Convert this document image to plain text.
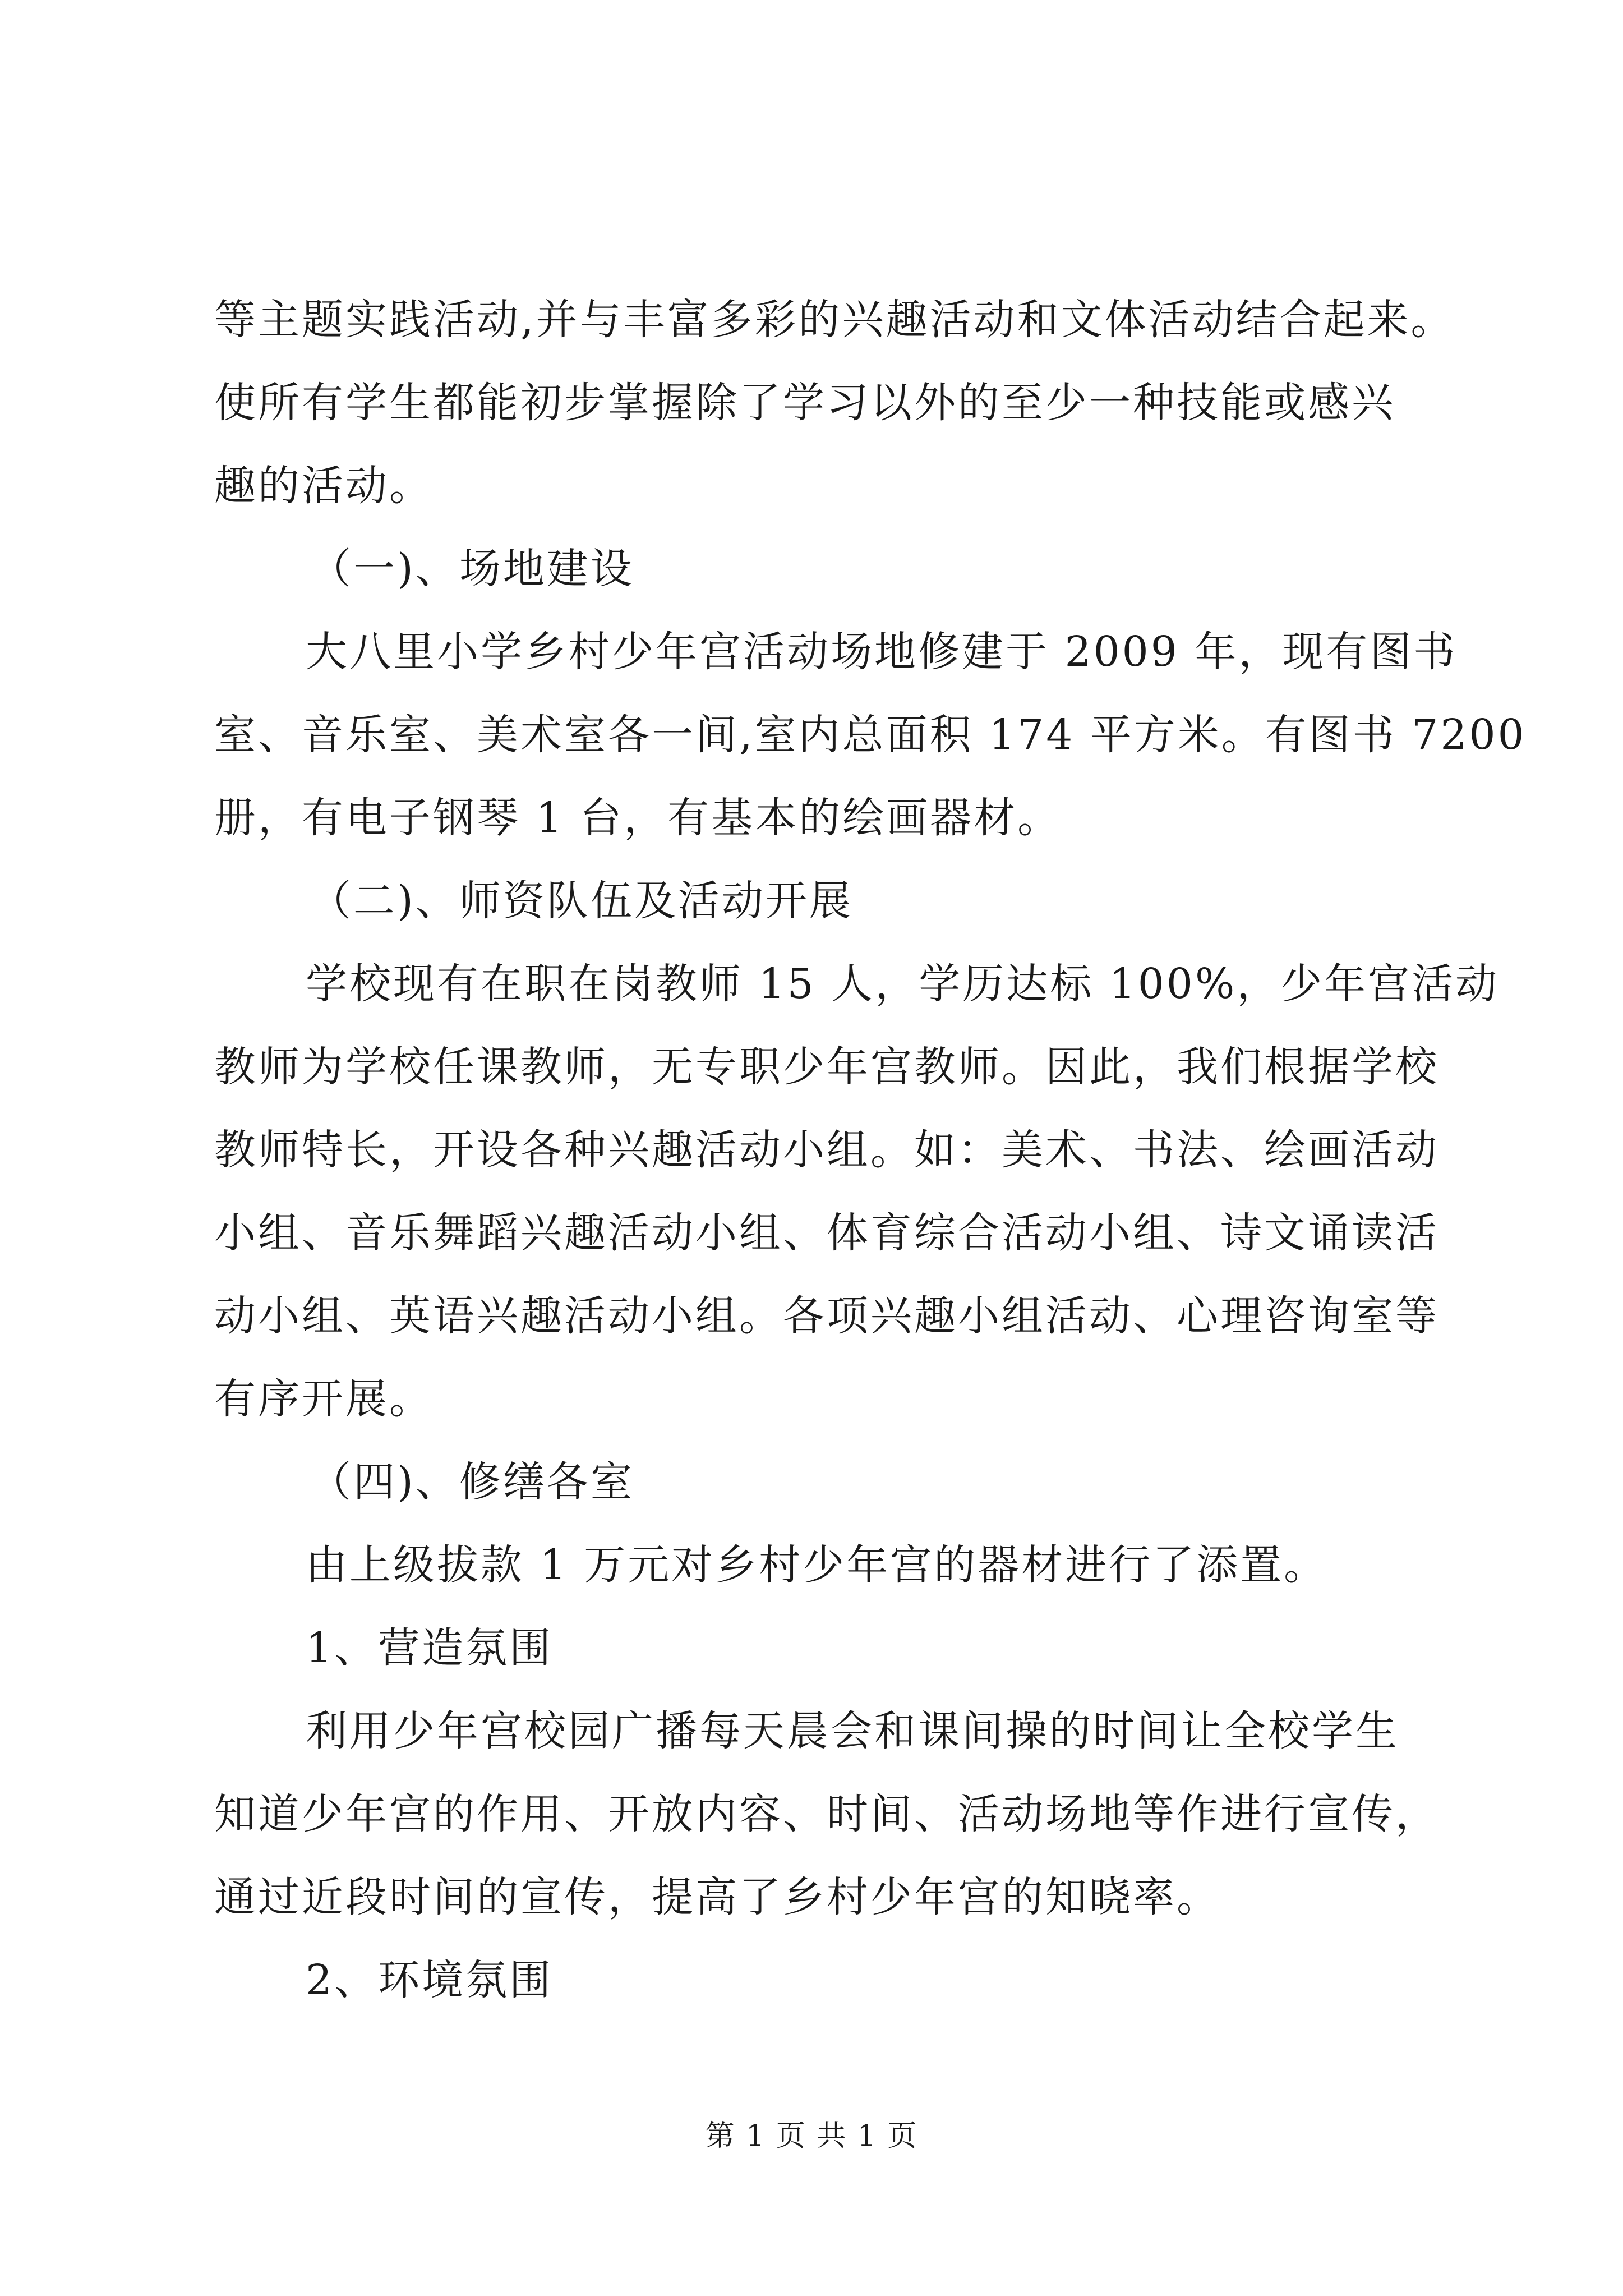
等主题实践活动,并与丰富多彩的兴趣活动和文体活动结合起来。
使所有学生都能初步掌握除了学习以外的至少一种技能或感兴
趣的活动。
（一)、场地建设
大八里小学乡村少年宫活动场地修建于 2009 年，现有图书
室、音乐室、美术室各一间,室内总面积 174 平方米。有图书 7200
册，有电子钢琴 1 台，有基本的绘画器材。
（二)、师资队伍及活动开展
学校现有在职在岗教师 15 人，学历达标 100%，少年宫活动
教师为学校任课教师，无专职少年宫教师。因此，我们根据学校
教师特长，开设各种兴趣活动小组。如：美术、书法、绘画活动
小组、音乐舞蹈兴趣活动小组、体育综合活动小组、诗文诵读活
动小组、英语兴趣活动小组。各项兴趣小组活动、心理咨询室等
有序开展。
（四)、修缮各室
由上级拔款 1 万元对乡村少年宫的器材进行了添置。
1、营造氛围
利用少年宫校园广播每天晨会和课间操的时间让全校学生
知道少年宫的作用、开放内容、时间、活动场地等作进行宣传，
通过近段时间的宣传，提高了乡村少年宫的知晓率。
2、环境氛围
第 1 页 共 1 页
